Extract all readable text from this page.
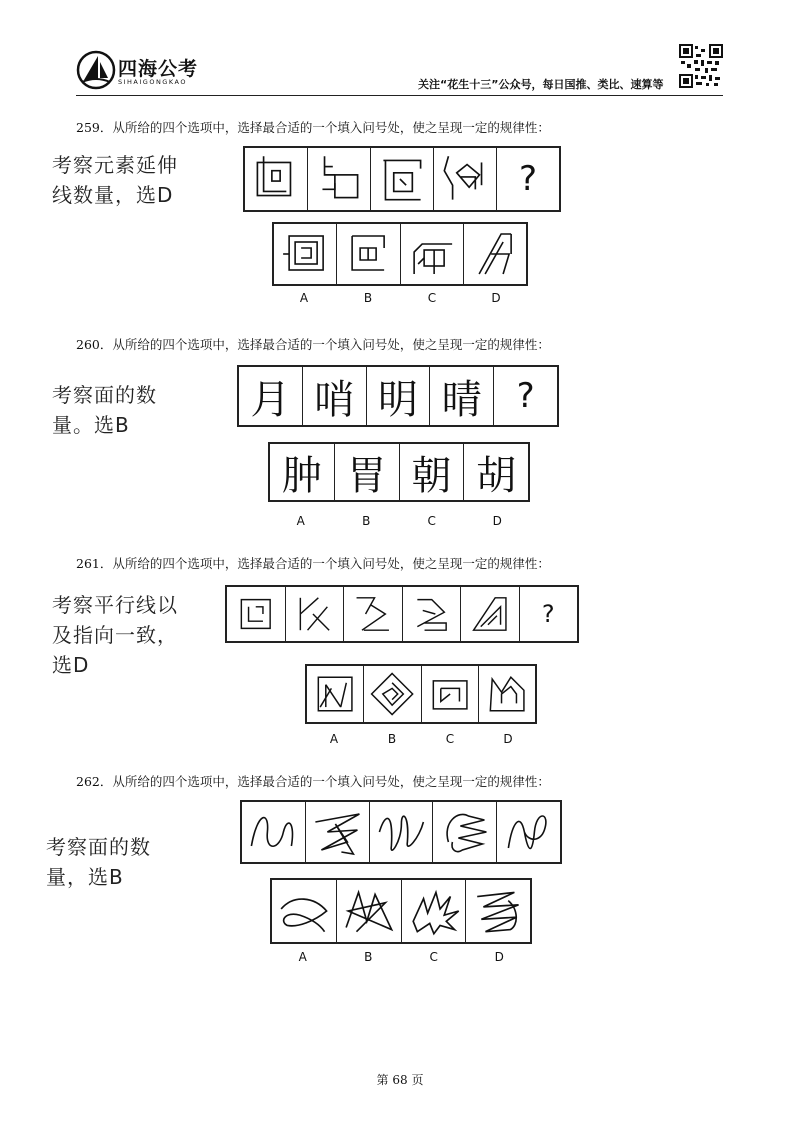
四海公考
SIHAIGONGKAO	关注“花生十三”公众号，每日国推、类比、速算等
259．从所给的四个选项中，选择最合适的一个填入问号处，使之呈现一定的规律性：
考察元素延伸
线数量，选D	?
A	B	C	D
260．从所给的四个选项中，选择最合适的一个填入问号处，使之呈现一定的规律性：
考察面的数
量。选B
月 哨 明 晴 ?
肿 胃 朝 胡
A	B	C	D
261．从所给的四个选项中，选择最合适的一个填入问号处，使之呈现一定的规律性：
考察平行线以
及指向一致，
选D
?
A	B	C	D
262．从所给的四个选项中，选择最合适的一个填入问号处，使之呈现一定的规律性：
考察面的数
量，选B
A	B	C	D
第 68 页
